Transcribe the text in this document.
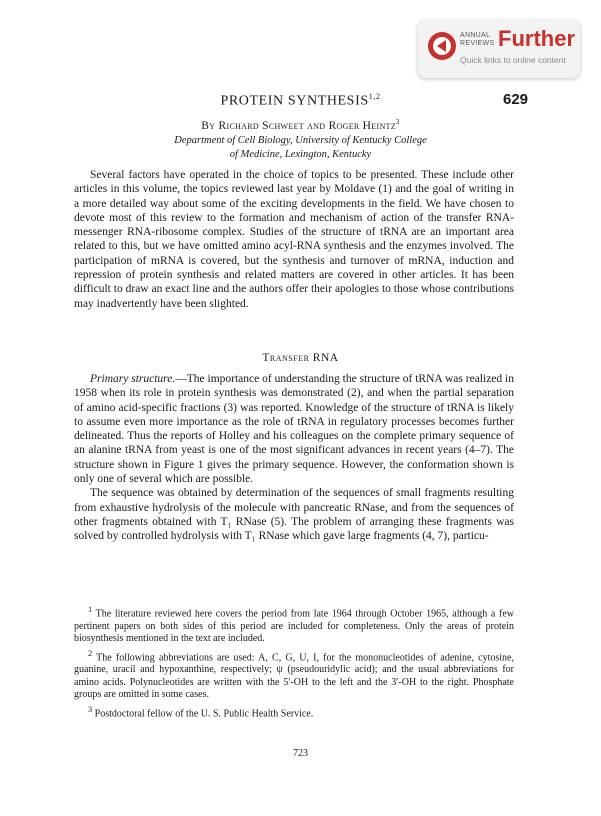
ANNUAL
REVIEWS Further
Quick links to online content
629
PROTEIN SYNTHESIS$^{1,2}$
By Richard Schweet and Roger Heintz$^3$
Department of Cell Biology, University of Kentucky College
of Medicine, Lexington, Kentucky

Several factors have operated in the choice of topics to be presented. These include other articles in this volume, the topics reviewed last year by Moldave (1) and the goal of writing in a more detailed way about some of the exciting developments in the field. We have chosen to devote most of this review to the formation and mechanism of action of the transfer RNA-messenger RNA-ribosome complex. Studies of the structure of tRNA are an important area related to this, but we have omitted amino acyl-RNA synthesis and the enzymes involved. The participation of mRNA is covered, but the synthesis and turnover of mRNA, induction and repression of protein synthesis and related matters are covered in other articles. It has been difficult to draw an exact line and the authors offer their apologies to those whose contributions may inadvertently have been slighted.

Transfer RNA

Primary structure.—The importance of understanding the structure of tRNA was realized in 1958 when its role in protein synthesis was demonstrated (2), and when the partial separation of amino acid-specific fractions (3) was reported. Knowledge of the structure of tRNA is likely to assume even more importance as the role of tRNA in regulatory processes becomes further delineated. Thus the reports of Holley and his colleagues on the complete primary sequence of an alanine tRNA from yeast is one of the most significant advances in recent years (4–7). The structure shown in Figure 1 gives the primary sequence. However, the conformation shown is only one of several which are possible.

The sequence was obtained by determination of the sequences of small fragments resulting from exhaustive hydrolysis of the molecule with pancreatic RNase, and from the sequences of other fragments obtained with T₁ RNase (5). The problem of arranging these fragments was solved by controlled hydrolysis with T₁ RNase which gave large fragments (4, 7), particu-

$^1$ The literature reviewed here covers the period from late 1964 through October 1965, although a few pertinent papers on both sides of this period are included for completeness. Only the areas of protein biosynthesis mentioned in the text are included.

$^2$ The following abbreviations are used: A, C, G, U, I, for the mononucleotides of adenine, cytosine, guanine, uracil and hypoxanthine, respectively; ψ (pseudouridylic acid); and the usual abbreviations for amino acids. Polynucleotides are written with the 5′-OH to the left and the 3′-OH to the right. Phosphate groups are omitted in some cases.

$^3$ Postdoctoral fellow of the U. S. Public Health Service.

723
